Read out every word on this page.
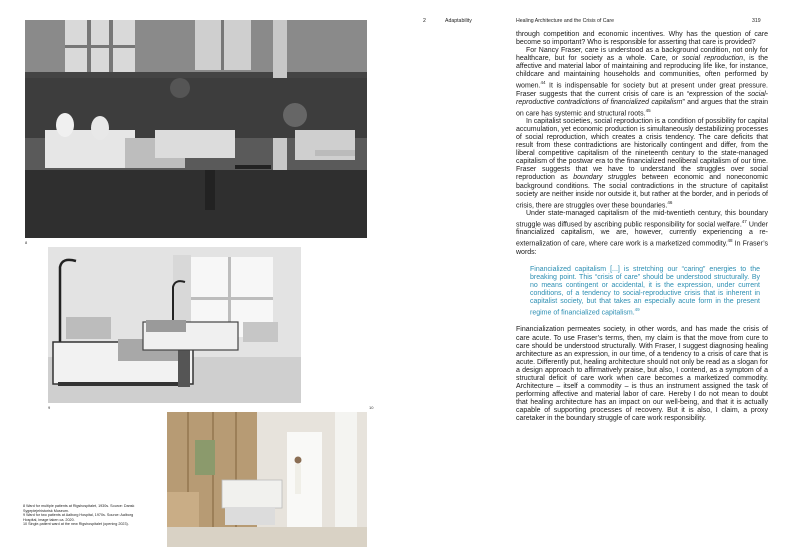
8
9	10

8 Ward for multiple patients at Rigshospitalet, 1930s. Source: Dansk Sygeplejehistorisk Museum.

9 Ward for two patients at Aalborg Hospital, 1970s. Source: Aalborg Hospital, image taken ca. 2020.

10 Single-patient ward at the new Rigshospitalet (opening 2023).

2	Adaptability	Healing Architecture and the Crisis of Care	319

through competition and economic incentives. Why has the question of care become so important? Who is responsible for asserting that care is provided?

For Nancy Fraser, care is understood as a background condition, not only for healthcare, but for society as a whole. Care, or social reproduction, is the affective and material labor of maintaining and reproducing life like, for instance, childcare and maintaining households and communities, often performed by women.$^{44}$ It is indispensable for society but at present under great pressure. Fraser suggests that the current crisis of care is an “expression of the social-reproductive contradictions of financialized capitalism” and argues that the strain on care has systemic and structural roots.$^{45}$

In capitalist societies, social reproduction is a condition of possibility for capital accumulation, yet economic production is simultaneously destabilizing processes of social reproduction, which creates a crisis tendency. The care deficits that result from these contradictions are historically contingent and differ, from the liberal competitive capitalism of the nineteenth century to the state-managed capitalism of the postwar era to the financialized neoliberal capitalism of our time. Fraser suggests that we have to understand the struggles over social reproduction as boundary struggles between economic and noneconomic background conditions. The social contradictions in the structure of capitalist society are neither inside nor outside it, but rather at the border, and in periods of crisis, there are struggles over these boundaries.$^{46}$

Under state-managed capitalism of the mid-twentieth century, this boundary struggle was diffused by ascribing public responsibility for social welfare.$^{47}$ Under financialized capitalism, we are, however, currently experiencing a re-externalization of care, where care work is a marketized commodity.$^{48}$ In Fraser’s words:

Financialized capitalism [...] is stretching our “caring” energies to the breaking point. This “crisis of care” should be understood structurally. By no means contingent or accidental, it is the expression, under current conditions, of a tendency to social-reproductive crisis that is inherent in capitalist society, but that takes an especially acute form in the present regime of financialized capitalism.$^{49}$

Financialization permeates society, in other words, and has made the crisis of care acute. To use Fraser’s terms, then, my claim is that the move from cure to care should be understood structurally. With Fraser, I suggest diagnosing healing architecture as an expression, in our time, of a tendency to a crisis of care that is acute. Differently put, healing architecture should not only be read as a slogan for a design approach to affirmatively praise, but also, I contend, as a symptom of a structural deficit of care work when care becomes a marketized commodity. Architecture – itself a commodity – is thus an instrument assigned the task of performing affective and material labor of care. Hereby I do not mean to doubt that healing architecture has an impact on our well-being, and that it is actually capable of supporting processes of recovery. But it is also, I claim, a proxy caretaker in the boundary struggle of care work responsibility.
